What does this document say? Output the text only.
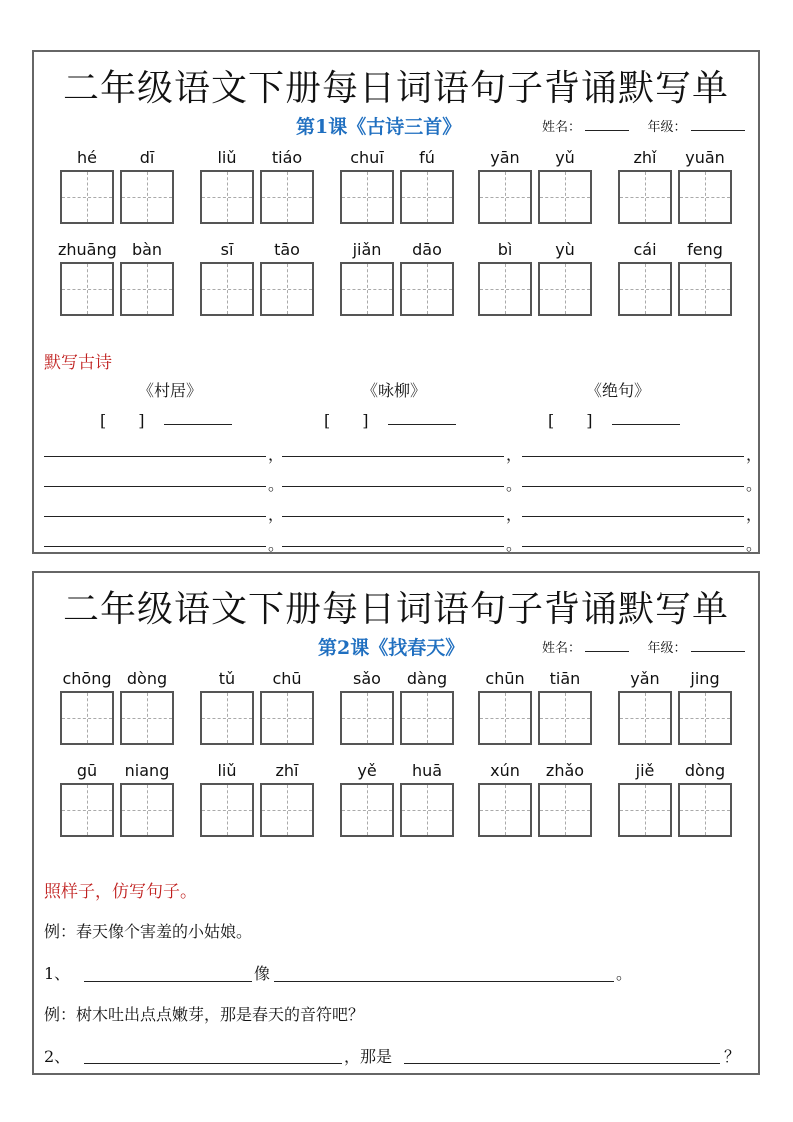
二年级语文下册每日词语句子背诵默写单
第1课《古诗三首》	姓名：	年级：
hé	dī	liǔ	tiáo	chuī	fú	yān	yǔ	zhǐ	yuān
zhuāng bàn	sī	tāo	jiǎn	dāo	bì	yù	cái	feng
默写古诗
《村居》	《咏柳》	《绝句》
[　　]	[　　]	[　　]
，	，	，
。	。	。
，	，	，
。	。	。
二年级语文下册每日词语句子背诵默写单
第2课《找春天》	姓名：	年级：
chōng dòng	tǔ	chū	sǎo	dàng	chūn	tiān	yǎn	jing
gū	niang	liǔ	zhī	yě	huā	xún	zhǎo	jiě	dòng
照样子，仿写句子。
例：春天像个害羞的小姑娘。
1、	像	。
例：树木吐出点点嫩芽，那是春天的音符吧？
2、	，那是	？
